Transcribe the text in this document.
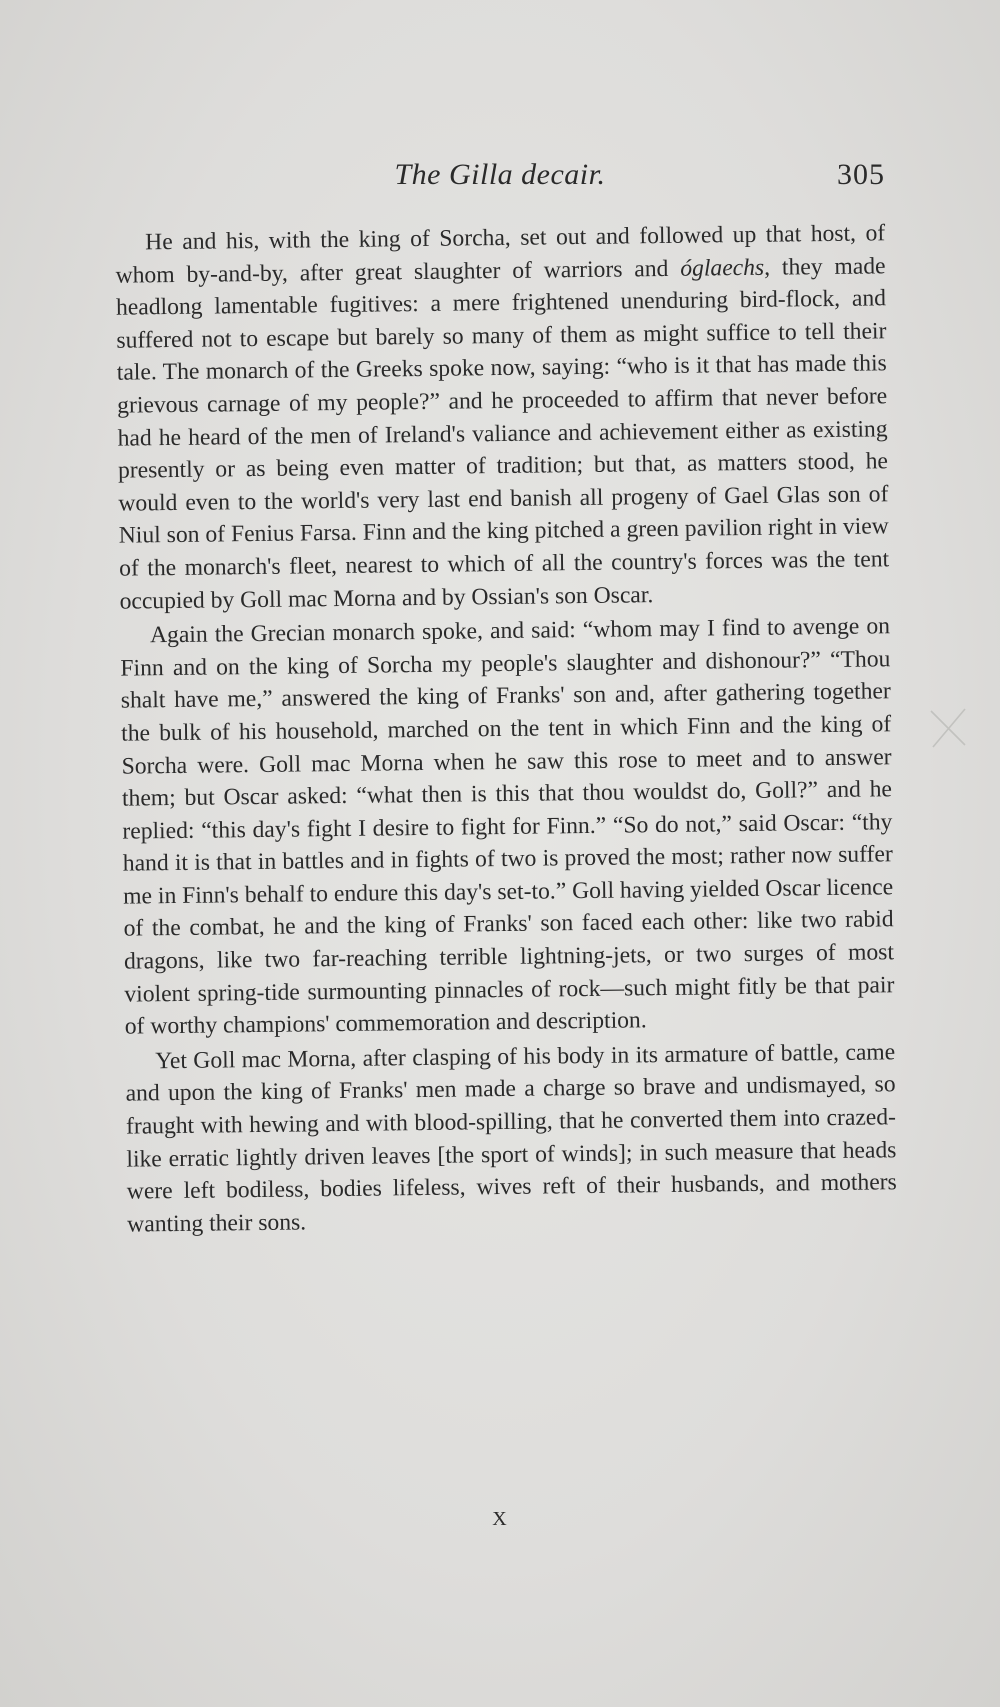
The Gilla decair.	305

He and his, with the king of Sorcha, set out and followed up that host, of whom by-and-by, after great slaughter of warriors and óglaechs, they made headlong lamentable fugitives: a mere frightened unenduring bird-flock, and suffered not to escape but barely so many of them as might suffice to tell their tale. The monarch of the Greeks spoke now, saying: “who is it that has made this grievous carnage of my people?” and he proceeded to affirm that never before had he heard of the men of Ireland's valiance and achievement either as existing presently or as being even matter of tradition; but that, as matters stood, he would even to the world's very last end banish all progeny of Gael Glas son of Niul son of Fenius Farsa. Finn and the king pitched a green pavilion right in view of the monarch's fleet, nearest to which of all the country's forces was the tent occupied by Goll mac Morna and by Ossian's son Oscar.

Again the Grecian monarch spoke, and said: “whom may I find to avenge on Finn and on the king of Sorcha my people's slaughter and dishonour?” “Thou shalt have me,” answered the king of Franks' son and, after gathering together the bulk of his household, marched on the tent in which Finn and the king of Sorcha were. Goll mac Morna when he saw this rose to meet and to answer them; but Oscar asked: “what then is this that thou wouldst do, Goll?” and he replied: “this day's fight I desire to fight for Finn.” “So do not,” said Oscar: “thy hand it is that in battles and in fights of two is proved the most; rather now suffer me in Finn's behalf to endure this day's set-to.” Goll having yielded Oscar licence of the combat, he and the king of Franks' son faced each other: like two rabid dragons, like two far-reaching terrible lightning-jets, or two surges of most violent spring-tide surmounting pinnacles of rock—such might fitly be that pair of worthy champions' commemoration and description.

Yet Goll mac Morna, after clasping of his body in its armature of battle, came and upon the king of Franks' men made a charge so brave and undismayed, so fraught with hewing and with blood-spilling, that he converted them into crazed-like erratic lightly driven leaves [the sport of winds]; in such measure that heads were left bodiless, bodies lifeless, wives reft of their husbands, and mothers wanting their sons.

X
